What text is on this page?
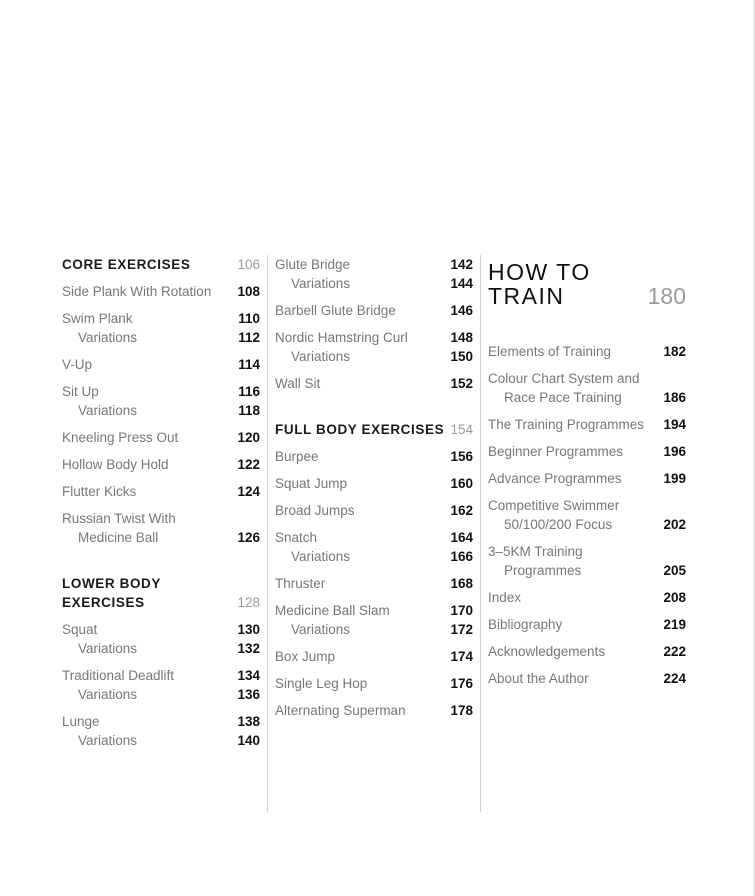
CORE EXERCISES	106
Side Plank With Rotation 108
Swim Plank	110
Variations	112
V-Up	114
Sit Up	116
Variations	118
Kneeling Press Out	120
Hollow Body Hold	122
Flutter Kicks	124
Russian Twist With
Medicine Ball	126
LOWER BODY
EXERCISES	128
Squat	130
Variations	132
Traditional Deadlift	134
Variations	136
Lunge	138
Variations	140
Glute Bridge	142
Variations	144
Barbell Glute Bridge	146
Nordic Hamstring Curl	148
Variations	150
Wall Sit	152
FULL BODY EXERCISES 154
Burpee	156
Squat Jump	160
Broad Jumps	162
Snatch	164
Variations	166
Thruster	168
Medicine Ball Slam	170
Variations	172
Box Jump	174
Single Leg Hop	176
Alternating Superman	178
HOW TO
TRAIN	180
Elements of Training	182
Colour Chart System and
Race Pace Training	186
The Training Programmes 194
Beginner Programmes	196
Advance Programmes	199
Competitive Swimmer
50/100/200 Focus	202
3–5KM Training
Programmes	205
Index	208
Bibliography	219
Acknowledgements	222
About the Author	224
